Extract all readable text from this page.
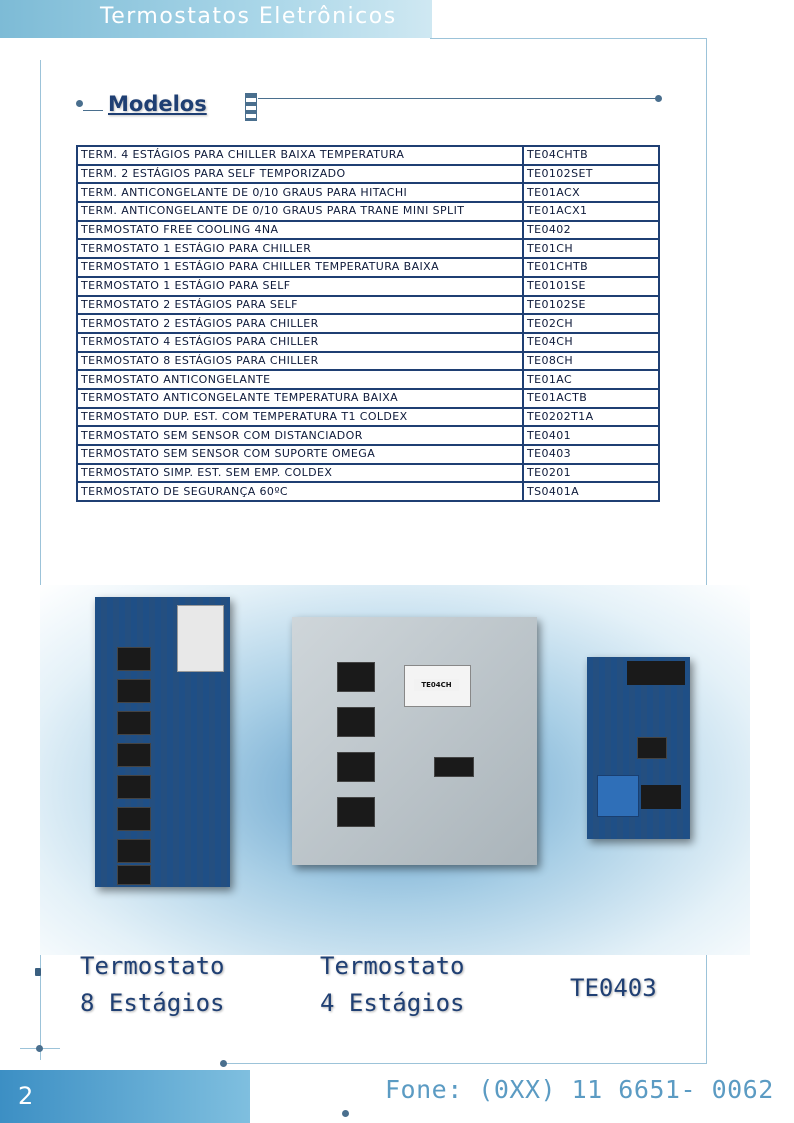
Termostatos Eletrônicos
Modelos
TERM. 4 ESTÁGIOS PARA CHILLER BAIXA TEMPERATURA	TE04CHTB
TERM. 2 ESTÁGIOS PARA SELF TEMPORIZADO	TE0102SET
TERM. ANTICONGELANTE DE 0/10 GRAUS PARA HITACHI	TE01ACX
TERM. ANTICONGELANTE DE 0/10 GRAUS PARA TRANE MINI SPLIT	TE01ACX1
TERMOSTATO FREE COOLING 4NA	TE0402
TERMOSTATO 1 ESTÁGIO PARA CHILLER	TE01CH
TERMOSTATO 1 ESTÁGIO PARA CHILLER TEMPERATURA BAIXA	TE01CHTB
TERMOSTATO 1 ESTÁGIO PARA SELF	TE0101SE
TERMOSTATO 2 ESTÁGIOS PARA SELF	TE0102SE
TERMOSTATO 2 ESTÁGIOS PARA CHILLER	TE02CH
TERMOSTATO 4 ESTÁGIOS PARA CHILLER	TE04CH
TERMOSTATO 8 ESTÁGIOS PARA CHILLER	TE08CH
TERMOSTATO ANTICONGELANTE	TE01AC
TERMOSTATO ANTICONGELANTE TEMPERATURA BAIXA	TE01ACTB
TERMOSTATO DUP. EST. COM TEMPERATURA T1 COLDEX	TE0202T1A
TERMOSTATO SEM SENSOR COM DISTANCIADOR	TE0401
TERMOSTATO SEM SENSOR COM SUPORTE OMEGA	TE0403
TERMOSTATO SIMP. EST. SEM EMP. COLDEX	TE0201
TERMOSTATO DE SEGURANÇA 60ºC	TS0401A
TE04CH
Termostato
8 Estágios
Termostato
4 Estágios
TE0403
2	Fone: (0XX) 11 6651- 0062
